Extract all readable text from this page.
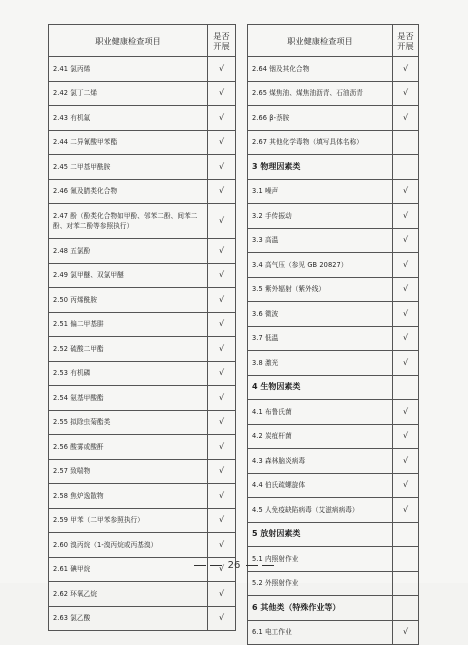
职业健康检查项目	是否
开展
2.41 氯丙烯	√
2.42 氯丁二烯	√
2.43 有机氟	√
2.44 二异氰酸甲苯酯	√
2.45 二甲基甲酰胺	√
2.46 氰及腈类化合物	√
2.47 酚（酚类化合物如甲酚、邻苯二酚、间苯二酚、对苯二酚等参照执行）	√
2.48 五氯酚	√
2.49 氯甲醚、双氯甲醚	√
2.50 丙烯酰胺	√
2.51 偏二甲基肼	√
2.52 硫酸二甲酯	√
2.53 有机磷	√
2.54 氨基甲酸酯	√
2.55 拟除虫菊酯类	√
2.56 酸雾或酸酐	√
2.57 致喘物	√
2.58 焦炉逸散物	√
2.59 甲苯（二甲苯参照执行）	√
2.60 溴丙烷（1-溴丙烷或丙基溴）	√
2.61 碘甲烷	√
2.62 环氧乙烷	√
2.63 氯乙酸	√
职业健康检查项目	是否
开展
2.64 铟及其化合物	√
2.65 煤焦油、煤焦油沥青、石油沥青	√
2.66 β-萘胺	√
2.67 其他化学毒物（填写具体名称）	
3 物理因素类	
3.1 噪声	√
3.2 手传振动	√
3.3 高温	√
3.4 高气压（参见 GB 20827）	√
3.5 紫外辐射（紫外线）	√
3.6 微波	√
3.7 低温	√
3.8 激光	√
4 生物因素类	
4.1 布鲁氏菌	√
4.2 炭疽杆菌	√
4.3 森林脑炎病毒	√
4.4 伯氏疏螺旋体	√
4.5 人免疫缺陷病毒（艾滋病病毒）	√
5 放射因素类	
5.1 内照射作业	
5.2 外照射作业	
6 其他类（特殊作业等）	
6.1 电工作业	√
26
